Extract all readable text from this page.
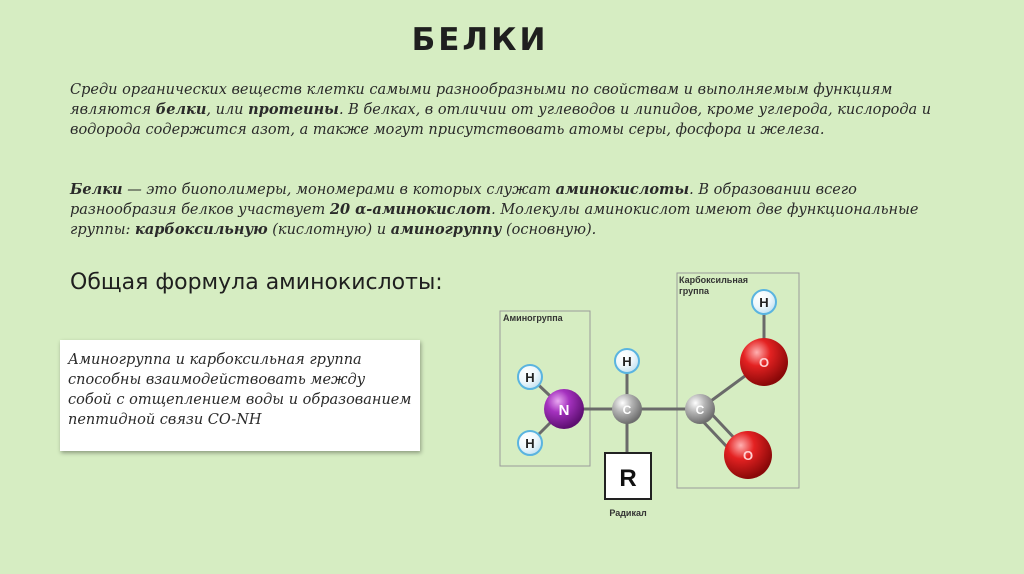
БЕЛКИ
Среди органических веществ клетки самыми разнообразными по свойствам и выполняемым функциям являются белки, или протеины. В белках, в отличии от углеводов и липидов, кроме углерода, кислорода и водорода содержится азот, а также могут присутствовать атомы серы, фосфора и железа.
Белки — это биополимеры, мономерами в которых служат аминокислоты. В образовании всего разнообразия белков участвует 20 α-аминокислот. Молекулы аминокислот имеют две функциональные группы: карбоксильную (кислотную) и аминогруппу (основную).
Общая формула аминокислоты:
Аминогруппа и карбоксильная группа способны взаимодействовать между собой с отщеплением воды и образованием пептидной связи CO-NH
Аминогруппа
Карбоксильная
группа
R
Радикал
H
H
H
H
N	C	C
O
O
